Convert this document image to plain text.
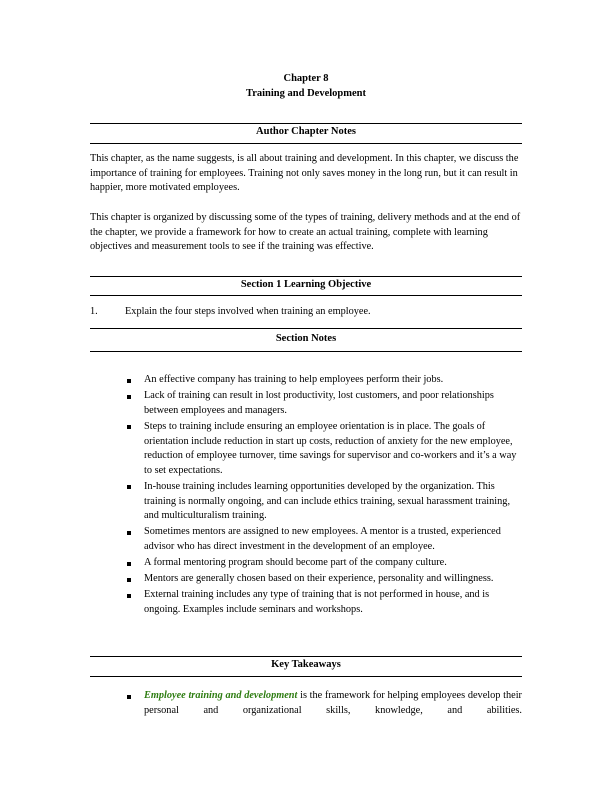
Chapter 8
Training and Development
Author Chapter Notes

This chapter, as the name suggests, is all about training and development. In this chapter, we discuss the importance of training for employees. Training not only saves money in the long run, but it can result in happier, more motivated employees.

This chapter is organized by discussing some of the types of training, delivery methods and at the end of the chapter, we provide a framework for how to create an actual training, complete with learning objectives and measurement tools to see if the training was effective.

Section 1 Learning Objective
1.	Explain the four steps involved when training an employee.
Section Notes
An effective company has training to help employees perform their jobs.
Lack of training can result in lost productivity, lost customers, and poor relationships between employees and managers.
Steps to training include ensuring an employee orientation is in place. The goals of orientation include reduction in start up costs, reduction of anxiety for the new employee, reduction of employee turnover, time savings for supervisor and co-workers and it’s a way to set expectations.
In-house training includes learning opportunities developed by the organization. This training is normally ongoing, and can include ethics training, sexual harassment training, and multiculturalism training.
Sometimes mentors are assigned to new employees. A mentor is a trusted, experienced advisor who has direct investment in the development of an employee.
A formal mentoring program should become part of the company culture.
Mentors are generally chosen based on their experience, personality and willingness.
External training includes any type of training that is not performed in house, and is ongoing. Examples include seminars and workshops.
Key Takeaways
Employee training and development is the framework for helping employees develop their personal and organizational skills, knowledge, and abilities.
